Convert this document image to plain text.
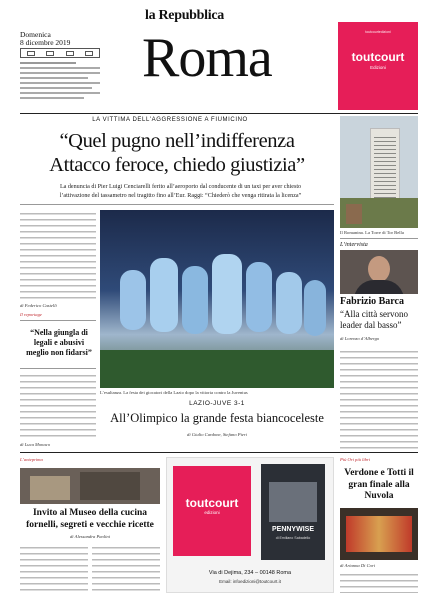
la Repubblica
Domenica
8 dicembre 2019 Roma	toutcourtedizioni
toutcourt
Edizioni
LA VITTIMA DELL'AGGRESSIONE A FIUMICINO
“Quel pugno nell’indifferenza
Attacco feroce, chiedo giustizia”
La denuncia di Pier Luigi Cenciarelli ferito all’aeroporto dal conducente di un taxi per aver chiesto
l’attivazione del tassametro nel tragitto fino all’Eur. Raggi: “Chiederò che venga ritirata la licenza”
Il Romanina. La Torre di Tor Bella
L’intervista
Fabrizio Barca
“Alla città servono leader dal basso”
di Lorenzo d’Albergo
di Federico Castelli
Il reportage
“Nella giungla di legali e abusivi meglio non fidarsi”
di Luca Monaco
L’esultanza. La festa dei giocatori della Lazio dopo la vittoria contro la Juventus
LAZIO-JUVE 3-1
All’Olimpico la grande festa biancoceleste
di Giulio Cardone, Stefano Pieri
L’anteprima
Invito al Museo della cucina fornelli, segreti e vecchie ricette
di Alessandra Paolini
toutcourt
edizioni
PENNYWISE
di Emiliano Sabadello
Via di Dejima, 234 – 00148 Roma
Email: infoedizioni@toutcourt.it
Più Ori più libri
Verdone e Totti il gran finale alla Nuvola
di Arianna Di Cori
